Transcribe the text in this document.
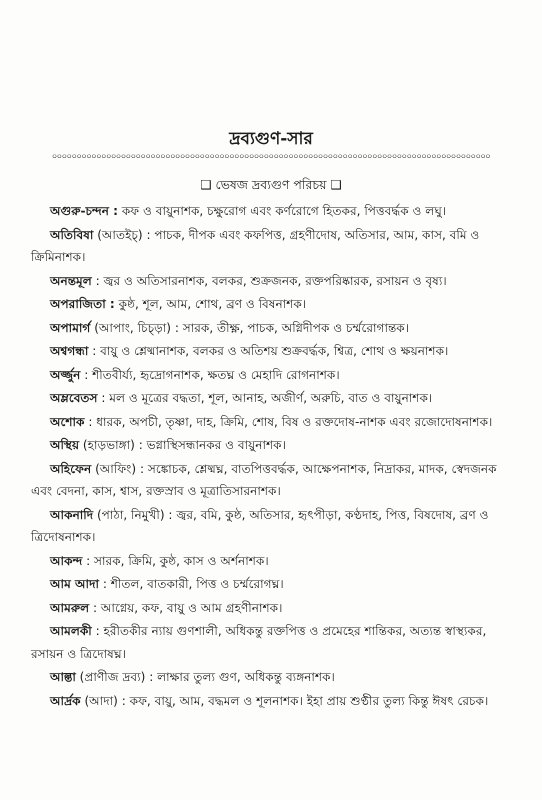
দ্রব্যগুণ-সার
০০০০০০০০০০০০০০০০০০০০০০০০০০০০০০০০০০০০০০০০০০০০০০০০০০০০০০০০০০০০০০০০০০০০০০০০০০০০০০০০০০০০০০০০০
❑ ভেষজ দ্রব্যগুণ পরিচয় ❑

অগুরু-চন্দন : কফ ও বায়ুনাশক, চক্ষুরোগ এবং কর্ণরোগে হিতকর, পিত্তবর্দ্ধক ও লঘু।

অতিবিষা (আতইচ্) : পাচক, দীপক এবং কফপিত্ত, গ্রহণীদোষ, অতিসার, আম, কাস, বমি ও ক্রিমিনাশক।

অনন্তমূল : জ্বর ও অতিসারনাশক, বলকর, শুক্রজনক, রক্তপরিষ্কারক, রসায়ন ও বৃষ্য।

অপরাজিতা : কুষ্ঠ, শূল, আম, শোথ, ব্রণ ও বিষনাশক।

অপামার্গ (আপাং, চিচ্ড়া) : সারক, তীক্ষ্ণ, পাচক, অগ্নিদীপক ও চর্ম্মরোগান্তক।

অশ্বগন্ধা : বায়ু ও শ্লেষ্মানাশক, বলকর ও অতিশয় শুক্রবর্দ্ধক, শ্বিত্র, শোথ ও ক্ষয়নাশক।

অর্জ্জুন : শীতবীর্য্য, হৃদ্রোগনাশক, ক্ষতঘ্ন ও মেহাদি রোগনাশক।

অম্লবেতস : মল ও মূত্রের বদ্ধতা, শূল, আনাহ, অজীর্ণ, অরুচি, বাত ও বায়ুনাশক।

অশোক : ধারক, অপচী, তৃষ্ণা, দাহ, ক্রিমি, শোষ, বিষ ও রক্তদোষ-নাশক এবং রজোদোষনাশক।

অস্থিয় (হাড়ভাঙ্গা) : ভগ্নাস্থিসন্ধানকর ও বায়ুনাশক।

অহিফেন (আফিং) : সঙ্কোচক, শ্লেষ্মঘ্ন, বাতপিত্তবর্দ্ধক, আক্ষেপনাশক, নিদ্রাকর, মাদক, স্বেদজনক এবং বেদনা, কাস, শ্বাস, রক্তস্রাব ও মূত্রাতিসারনাশক।

আকনাদি (পাঠা, নিমুখী) : জ্বর, বমি, কুষ্ঠ, অতিসার, হৃৎপীড়া, কণ্ঠদাহ, পিত্ত, বিষদোষ, ব্রণ ও ত্রিদোষনাশক।

আকন্দ : সারক, ক্রিমি, কুষ্ঠ, কাস ও অর্শনাশক।

আম আদা : শীতল, বাতকারী, পিত্ত ও চর্ম্মরোগঘ্ন।

আমরুল : আগ্নেয়, কফ, বায়ু ও আম গ্রহণীনাশক।

আমলকী : হরীতকীর ন্যায় গুণশালী, অধিকন্তু রক্তপিত্ত ও প্রমেহের শান্তিকর, অত্যন্ত স্বাস্থ্যকর, রসায়ন ও ত্রিদোষঘ্ন।

আল্তা (প্রাণীজ দ্রব্য) : লাক্ষার তুল্য গুণ, অধিকন্তু ব্যঙ্গনাশক।

আর্দ্রক (আদা) : কফ, বায়ু, আম, বদ্ধমল ও শূলনাশক। ইহা প্রায় শুণ্ঠীর তুল্য কিন্তু ঈষৎ রেচক।
